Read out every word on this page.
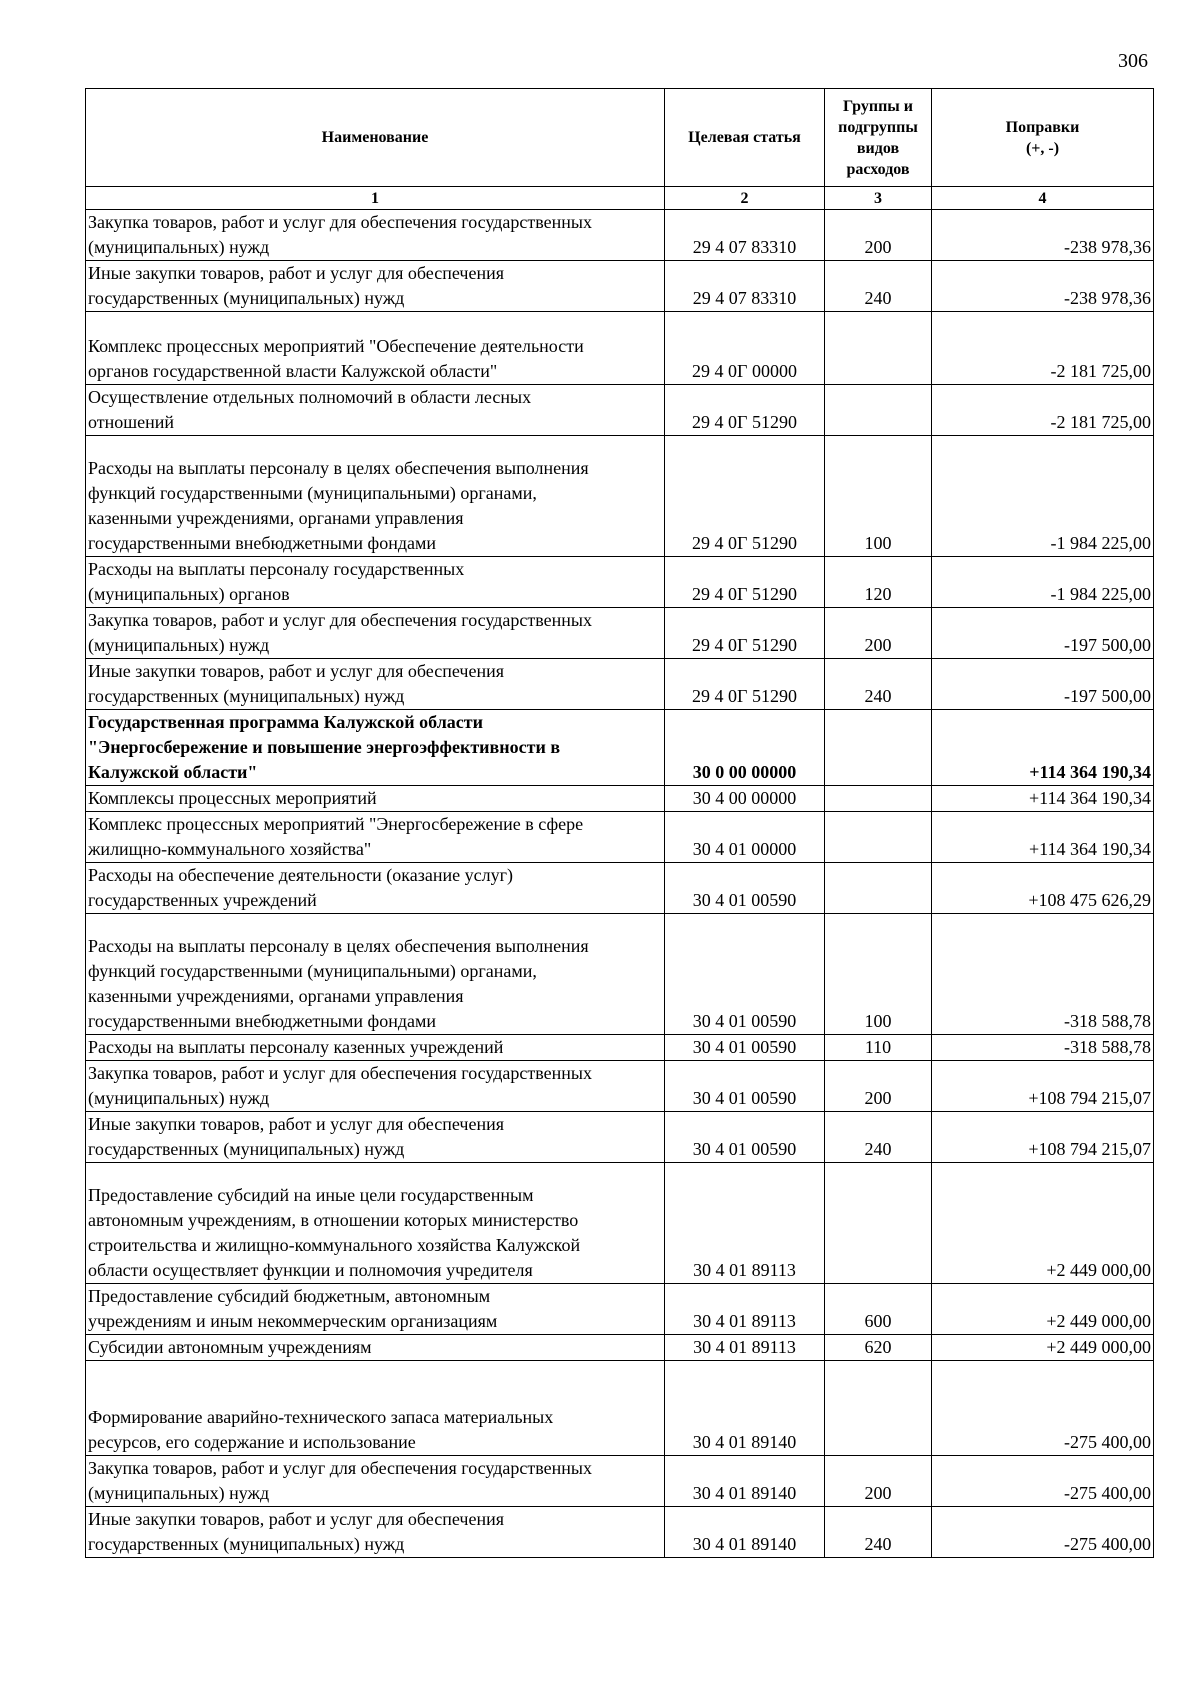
306
Наименование	Целевая статья	Группы и
подгруппы
видов
расходов	Поправки
(+, -)
1	2	3	4
Закупка товаров, работ и услуг для обеспечения государственных
(муниципальных) нужд	29 4 07 83310	200	-238 978,36
Иные закупки товаров, работ и услуг для обеспечения
государственных (муниципальных) нужд	29 4 07 83310	240	-238 978,36
Комплекс процессных мероприятий "Обеспечение деятельности
органов государственной власти Калужской области"	29 4 0Г 00000		-2 181 725,00
Осуществление отдельных полномочий в области лесных
отношений	29 4 0Г 51290		-2 181 725,00
Расходы на выплаты персоналу в целях обеспечения выполнения
функций государственными (муниципальными) органами,
казенными учреждениями, органами управления
государственными внебюджетными фондами	29 4 0Г 51290	100	-1 984 225,00
Расходы на выплаты персоналу государственных
(муниципальных) органов	29 4 0Г 51290	120	-1 984 225,00
Закупка товаров, работ и услуг для обеспечения государственных
(муниципальных) нужд	29 4 0Г 51290	200	-197 500,00
Иные закупки товаров, работ и услуг для обеспечения
государственных (муниципальных) нужд	29 4 0Г 51290	240	-197 500,00
Государственная программа Калужской области
"Энергосбережение и повышение энергоэффективности в
Калужской области"	30 0 00 00000		+114 364 190,34
Комплексы процессных мероприятий	30 4 00 00000		+114 364 190,34
Комплекс процессных мероприятий "Энергосбережение в сфере
жилищно-коммунального хозяйства"	30 4 01 00000		+114 364 190,34
Расходы на обеспечение деятельности (оказание услуг)
государственных учреждений	30 4 01 00590		+108 475 626,29
Расходы на выплаты персоналу в целях обеспечения выполнения
функций государственными (муниципальными) органами,
казенными учреждениями, органами управления
государственными внебюджетными фондами	30 4 01 00590	100	-318 588,78
Расходы на выплаты персоналу казенных учреждений	30 4 01 00590	110	-318 588,78
Закупка товаров, работ и услуг для обеспечения государственных
(муниципальных) нужд	30 4 01 00590	200	+108 794 215,07
Иные закупки товаров, работ и услуг для обеспечения
государственных (муниципальных) нужд	30 4 01 00590	240	+108 794 215,07
Предоставление субсидий на иные цели государственным
автономным учреждениям, в отношении которых министерство
строительства и жилищно-коммунального хозяйства Калужской
области осуществляет функции и полномочия учредителя	30 4 01 89113		+2 449 000,00
Предоставление субсидий бюджетным, автономным
учреждениям и иным некоммерческим организациям	30 4 01 89113	600	+2 449 000,00
Субсидии автономным учреждениям	30 4 01 89113	620	+2 449 000,00
Формирование аварийно-технического запаса материальных
ресурсов, его содержание и использование	30 4 01 89140		-275 400,00
Закупка товаров, работ и услуг для обеспечения государственных
(муниципальных) нужд	30 4 01 89140	200	-275 400,00
Иные закупки товаров, работ и услуг для обеспечения
государственных (муниципальных) нужд	30 4 01 89140	240	-275 400,00
